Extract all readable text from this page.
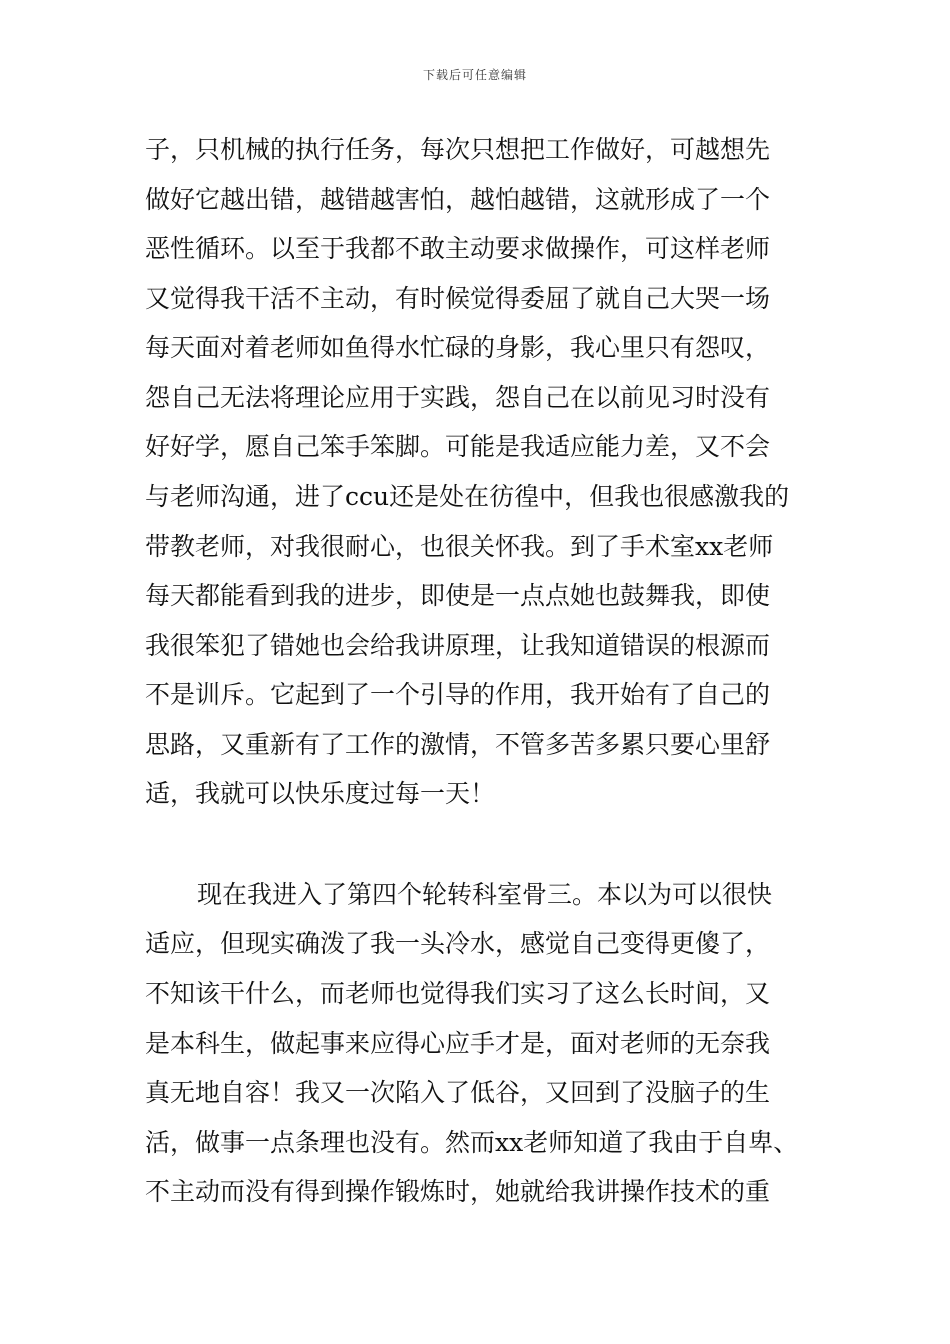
下载后可任意编辑
子，只机械的执行任务，每次只想把工作做好，可越想先
做好它越出错，越错越害怕，越怕越错，这就形成了一个
恶性循环。以至于我都不敢主动要求做操作，可这样老师
又觉得我干活不主动，有时候觉得委屈了就自己大哭一场
每天面对着老师如鱼得水忙碌的身影，我心里只有怨叹，
怨自己无法将理论应用于实践，怨自己在以前见习时没有
好好学，愿自己笨手笨脚。可能是我适应能力差，又不会
与老师沟通，进了ccu还是处在彷徨中，但我也很感激我的
带教老师，对我很耐心，也很关怀我。到了手术室xx老师
每天都能看到我的进步，即使是一点点她也鼓舞我，即使
我很笨犯了错她也会给我讲原理，让我知道错误的根源而
不是训斥。它起到了一个引导的作用，我开始有了自己的
思路，又重新有了工作的激情，不管多苦多累只要心里舒
适，我就可以快乐度过每一天！
现在我进入了第四个轮转科室骨三。本以为可以很快
适应，但现实确泼了我一头冷水，感觉自己变得更傻了，
不知该干什么，而老师也觉得我们实习了这么长时间，又
是本科生，做起事来应得心应手才是，面对老师的无奈我
真无地自容！我又一次陷入了低谷，又回到了没脑子的生
活，做事一点条理也没有。然而xx老师知道了我由于自卑、
不主动而没有得到操作锻炼时，她就给我讲操作技术的重
